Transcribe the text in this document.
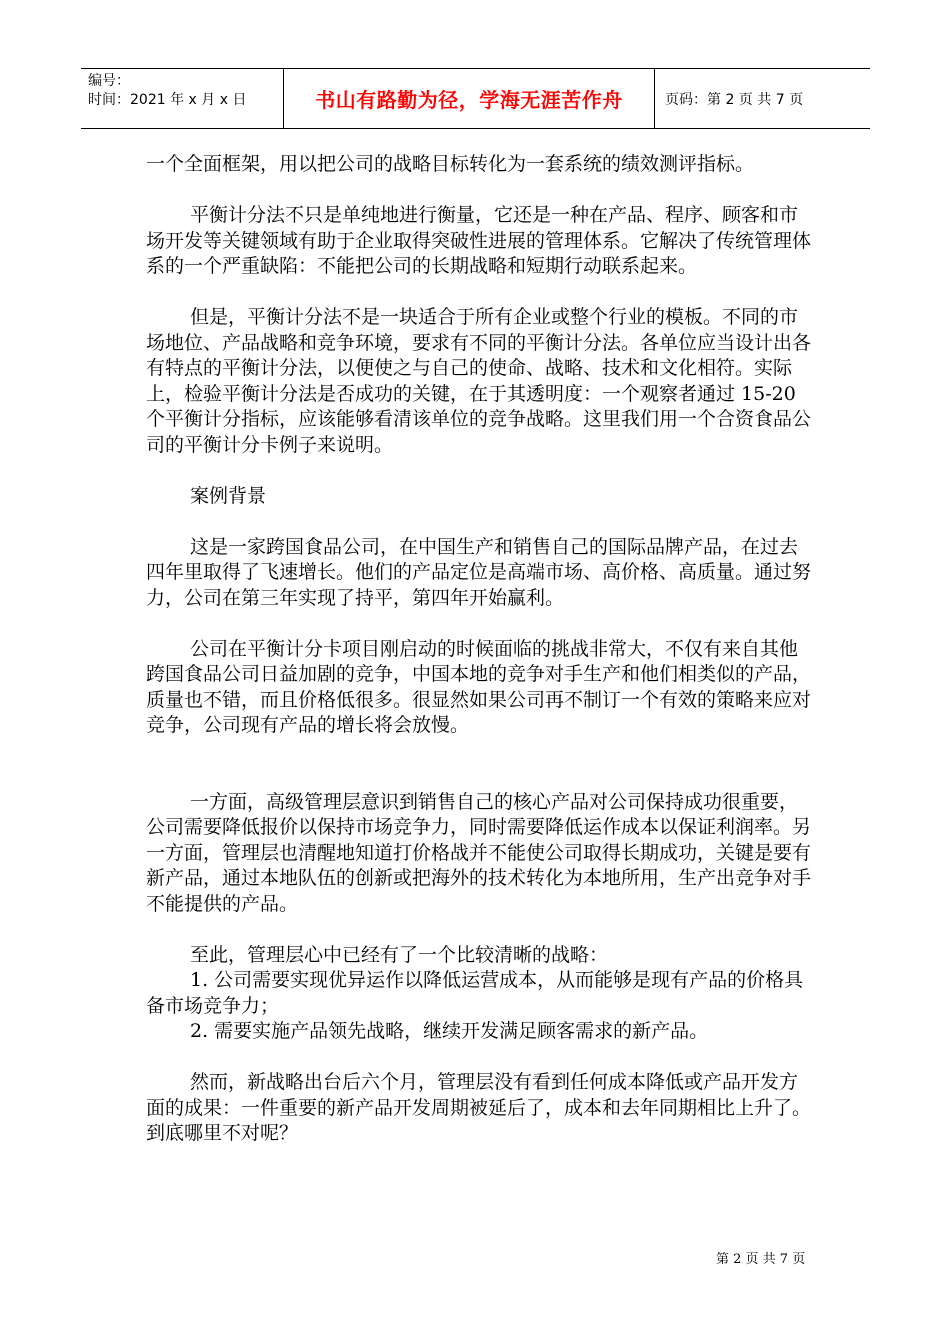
编号：
时间：2021 年 x 月 x 日	书山有路勤为径，学海无涯苦作舟	页码：第 2 页 共 7 页

一个全面框架，用以把公司的战略目标转化为一套系统的绩效测评指标。

平衡计分法不只是单纯地进行衡量，它还是一种在产品、程序、顾客和市场开发等关键领域有助于企业取得突破性进展的管理体系。它解决了传统管理体系的一个严重缺陷：不能把公司的长期战略和短期行动联系起来。

但是，平衡计分法不是一块适合于所有企业或整个行业的模板。不同的市场地位、产品战略和竞争环境，要求有不同的平衡计分法。各单位应当设计出各有特点的平衡计分法，以便使之与自己的使命、战略、技术和文化相符。实际上，检验平衡计分法是否成功的关键，在于其透明度：一个观察者通过 15-20 个平衡计分指标，应该能够看清该单位的竞争战略。这里我们用一个合资食品公司的平衡计分卡例子来说明。

案例背景

这是一家跨国食品公司，在中国生产和销售自己的国际品牌产品，在过去四年里取得了飞速增长。他们的产品定位是高端市场、高价格、高质量。通过努力，公司在第三年实现了持平，第四年开始赢利。

公司在平衡计分卡项目刚启动的时候面临的挑战非常大，不仅有来自其他跨国食品公司日益加剧的竞争，中国本地的竞争对手生产和他们相类似的产品，质量也不错，而且价格低很多。很显然如果公司再不制订一个有效的策略来应对竞争，公司现有产品的增长将会放慢。

一方面，高级管理层意识到销售自己的核心产品对公司保持成功很重要，公司需要降低报价以保持市场竞争力，同时需要降低运作成本以保证利润率。另一方面，管理层也清醒地知道打价格战并不能使公司取得长期成功，关键是要有新产品，通过本地队伍的创新或把海外的技术转化为本地所用，生产出竞争对手不能提供的产品。

至此，管理层心中已经有了一个比较清晰的战略：

1. 公司需要实现优异运作以降低运营成本，从而能够是现有产品的价格具备市场竞争力；

2. 需要实施产品领先战略，继续开发满足顾客需求的新产品。

然而，新战略出台后六个月，管理层没有看到任何成本降低或产品开发方面的成果：一件重要的新产品开发周期被延后了，成本和去年同期相比上升了。到底哪里不对呢？

第 2 页 共 7 页
